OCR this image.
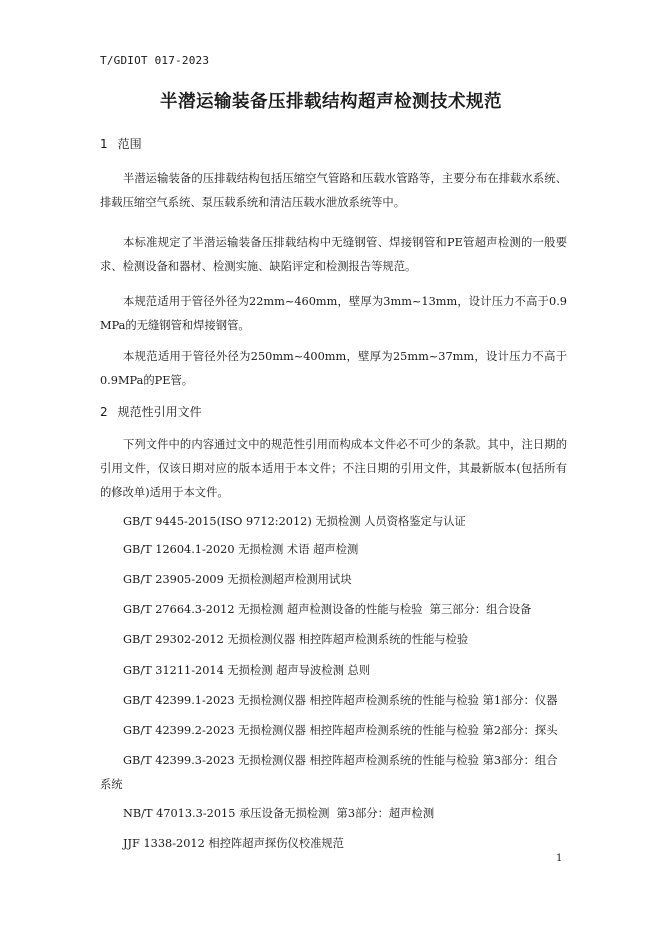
T/GDIOT 017-2023
半潜运输装备压排载结构超声检测技术规范
1 范围
半潜运输装备的压排载结构包括压缩空气管路和压载水管路等，主要分布在排载水系统、排载压缩空气系统、泵压载系统和清洁压载水泄放系统等中。
本标准规定了半潜运输装备压排载结构中无缝钢管、焊接钢管和PE管超声检测的一般要求、检测设备和器材、检测实施、缺陷评定和检测报告等规范。
本规范适用于管径外径为22mm~460mm，壁厚为3mm~13mm，设计压力不高于0.9MPa的无缝钢管和焊接钢管。
本规范适用于管径外径为250mm~400mm，壁厚为25mm~37mm，设计压力不高于0.9MPa的PE管。
2 规范性引用文件
下列文件中的内容通过文中的规范性引用而构成本文件必不可少的条款。其中，注日期的引用文件，仅该日期对应的版本适用于本文件；不注日期的引用文件，其最新版本(包括所有的修改单)适用于本文件。
GB/T 9445-2015(ISO 9712:2012) 无损检测 人员资格鉴定与认证
GB/T 12604.1-2020 无损检测 术语 超声检测
GB/T 23905-2009 无损检测超声检测用试块
GB/T 27664.3-2012 无损检测 超声检测设备的性能与检验  第三部分：组合设备
GB/T 29302-2012 无损检测仪器 相控阵超声检测系统的性能与检验
GB/T 31211-2014 无损检测 超声导波检测 总则
GB/T 42399.1-2023 无损检测仪器 相控阵超声检测系统的性能与检验 第1部分：仪器
GB/T 42399.2-2023 无损检测仪器 相控阵超声检测系统的性能与检验 第2部分：探头
GB/T 42399.3-2023 无损检测仪器 相控阵超声检测系统的性能与检验 第3部分：组合系统
NB/T 47013.3-2015 承压设备无损检测  第3部分：超声检测
JJF 1338-2012 相控阵超声探伤仪校准规范
1
